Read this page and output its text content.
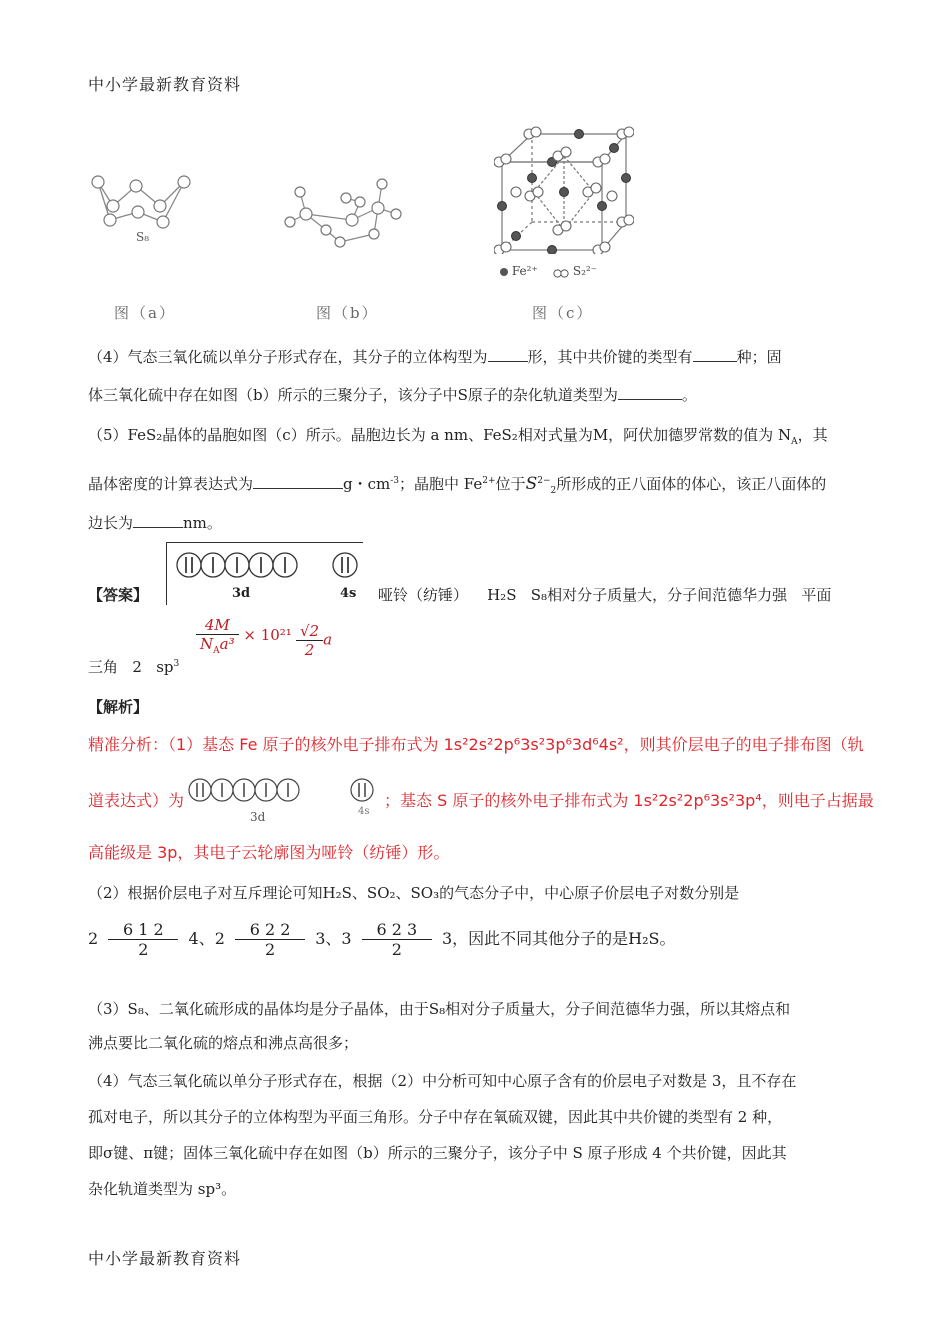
中小学最新教育资料
S₈
图（a）	图（b）
Fe²⁺	S₂²⁻
图（c）
（4）气态三氧化硫以单分子形式存在，其分子的立体构型为	形，其中共价键的类型有	种；固
体三氧化硫中存在如图（b）所示的三聚分子，该分子中S原子的杂化轨道类型为	。
（5）FeS₂晶体的晶胞如图（c）所示。晶胞边长为 a nm、FeS₂相对式量为M，阿伏加德罗常数的值为 $N_A$，其
晶体密度的计算表达式为	g・$cm^{-3}$；晶胞中 $Fe^{2+}$位于$S^{2-}_2$所形成的正八面体的体心，该正八面体的
边长为	nm。
3d	4s
【答案】	哑铃（纺锤） H₂S S₈相对分子质量大，分子间范德华力强 平面
三角 2 $sp^3$
$\frac{4M}{N_Aa^3} \times 10^{21} \frac{√2}{2}$ a
【解析】
精准分析：（1）基态 Fe 原子的核外电子排布式为 1s²2s²2p⁶3s²3p⁶3d⁶4s²，则其价层电子的电子排布图（轨
道表达式）为
3d	4s
；基态 S 原子的核外电子排布式为 1s²2s²2p⁶3s²3p⁴，则电子占据最
高能级是 3p，其电子云轮廓图为哑铃（纺锤）形。
（2）根据价层电子对互斥理论可知H₂S、SO₂、SO₃的气态分子中，中心原子价层电子对数分别是
$2 \frac{6 1 2}{2} 4$、$2 \frac{6 2 2}{2} 3$、$3 \frac{6 2 3}{2} 3$，因此不同其他分子的是H₂S。
（3）S₈、二氧化硫形成的晶体均是分子晶体，由于S₈相对分子质量大，分子间范德华力强，所以其熔点和
沸点要比二氧化硫的熔点和沸点高很多；
（4）气态三氧化硫以单分子形式存在，根据（2）中分析可知中心原子含有的价层电子对数是 3，且不存在
孤对电子，所以其分子的立体构型为平面三角形。分子中存在氧硫双键，因此其中共价键的类型有 2 种，
即σ键、π键；固体三氧化硫中存在如图（b）所示的三聚分子，该分子中 S 原子形成 4 个共价键，因此其
杂化轨道类型为 sp³。
中小学最新教育资料
